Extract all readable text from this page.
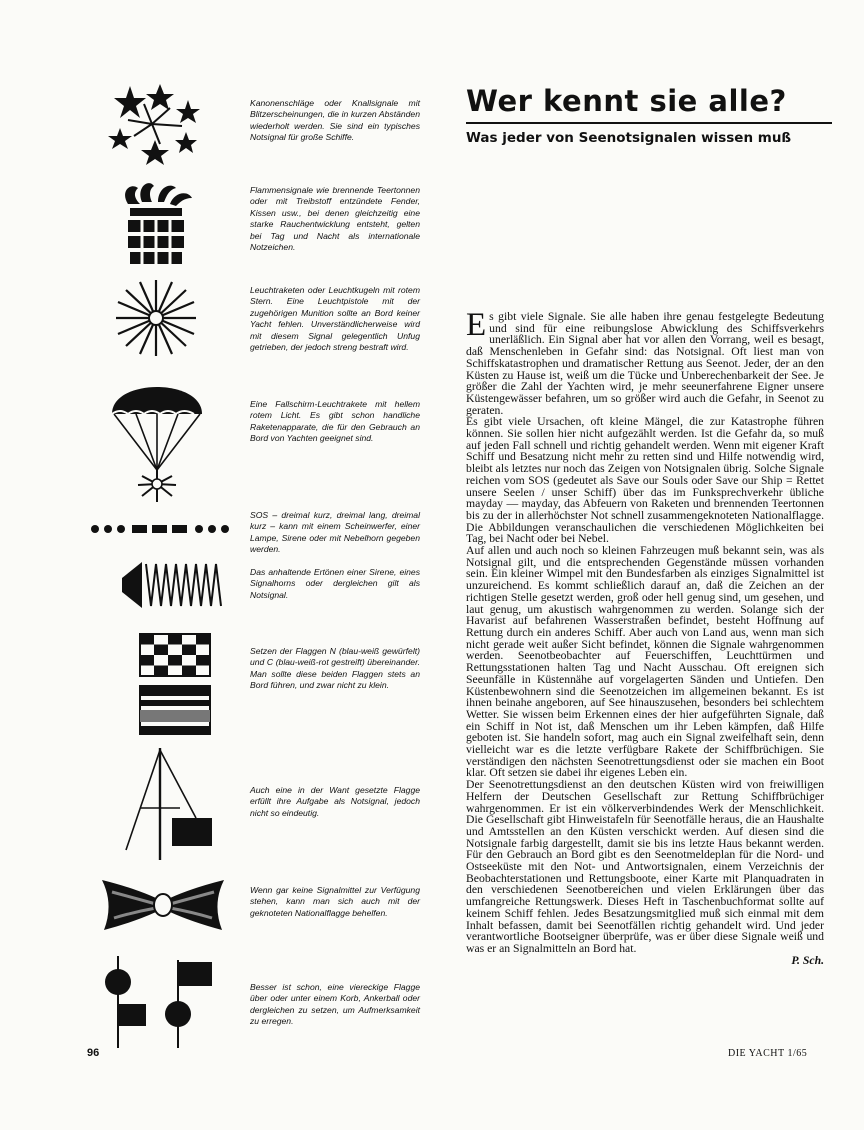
Kanonenschläge oder Knallsignale mit Blitzerscheinungen, die in kurzen Abständen wiederholt werden. Sie sind ein typisches Notsignal für große Schiffe.

Flammensignale wie brennende Teertonnen oder mit Treibstoff entzündete Fender, Kissen usw., bei denen gleichzeitig eine starke Rauchentwicklung entsteht, gelten bei Tag und Nacht als internationale Notzeichen.

Leuchtraketen oder Leuchtkugeln mit rotem Stern. Eine Leuchtpistole mit der zugehörigen Munition sollte an Bord keiner Yacht fehlen. Unverständlicherweise wird mit diesem Signal gelegentlich Unfug getrieben, der jedoch streng bestraft wird.

Eine Fallschirm-Leuchtrakete mit hellem rotem Licht. Es gibt schon handliche Raketenapparate, die für den Gebrauch an Bord von Yachten geeignet sind.

SOS – dreimal kurz, dreimal lang, dreimal kurz – kann mit einem Scheinwerfer, einer Lampe, Sirene oder mit Nebelhorn gegeben werden.

Das anhaltende Ertönen einer Sirene, eines Signalhorns oder dergleichen gilt als Notsignal.

Setzen der Flaggen N (blau-weiß gewürfelt) und C (blau-weiß-rot gestreift) übereinander. Man sollte diese beiden Flaggen stets an Bord führen, und zwar nicht zu klein.

Auch eine in der Want gesetzte Flagge erfüllt ihre Aufgabe als Notsignal, jedoch nicht so eindeutig.

Wenn gar keine Signalmittel zur Verfügung stehen, kann man sich auch mit der geknoteten Nationalflagge behelfen.

Besser ist schon, eine viereckige Flagge über oder unter einem Korb, Ankerball oder dergleichen zu setzen, um Aufmerksamkeit zu erregen.

Wer kennt sie alle?
Was jeder von Seenotsignalen wissen muß

Es gibt viele Signale. Sie alle haben ihre genau festgelegte Bedeutung und sind für eine reibungslose Abwicklung des Schiffsverkehrs unerläßlich. Ein Signal aber hat vor allen den Vorrang, weil es besagt, daß Menschenleben in Gefahr sind: das Notsignal. Oft liest man von Schiffskatastrophen und dramatischer Rettung aus Seenot. Jeder, der an den Küsten zu Hause ist, weiß um die Tücke und Unberechenbarkeit der See. Je größer die Zahl der Yachten wird, je mehr seeunerfahrene Eigner unsere Küstengewässer befahren, um so größer wird auch die Gefahr, in Seenot zu geraten.

Es gibt viele Ursachen, oft kleine Mängel, die zur Katastrophe führen können. Sie sollen hier nicht aufgezählt werden. Ist die Gefahr da, so muß auf jeden Fall schnell und richtig gehandelt werden. Wenn mit eigener Kraft Schiff und Besatzung nicht mehr zu retten sind und Hilfe notwendig wird, bleibt als letztes nur noch das Zeigen von Notsignalen übrig. Solche Signale reichen vom SOS (gedeutet als Save our Souls oder Save our Ship = Rettet unsere Seelen / unser Schiff) über das im Funksprechverkehr übliche mayday — mayday, das Abfeuern von Raketen und brennenden Teertonnen bis zu der in allerhöchster Not schnell zusammengeknoteten Nationalflagge. Die Abbildungen veranschaulichen die verschiedenen Möglichkeiten bei Tag, bei Nacht oder bei Nebel.

Auf allen und auch noch so kleinen Fahrzeugen muß bekannt sein, was als Notsignal gilt, und die entsprechenden Gegenstände müssen vorhanden sein. Ein kleiner Wimpel mit den Bundesfarben als einziges Signalmittel ist unzureichend. Es kommt schließlich darauf an, daß die Zeichen an der richtigen Stelle gesetzt werden, groß oder hell genug sind, um gesehen, und laut genug, um akustisch wahrgenommen zu werden. Solange sich der Havarist auf befahrenen Wasserstraßen befindet, besteht Hoffnung auf Rettung durch ein anderes Schiff. Aber auch von Land aus, wenn man sich nicht gerade weit außer Sicht befindet, können die Signale wahrgenommen werden. Seenotbeobachter auf Feuerschiffen, Leuchttürmen und Rettungsstationen halten Tag und Nacht Ausschau. Oft ereignen sich Seeunfälle in Küstennähe auf vorgelagerten Sänden und Untiefen. Den Küstenbewohnern sind die Seenotzeichen im allgemeinen bekannt. Es ist ihnen beinahe angeboren, auf See hinauszusehen, besonders bei schlechtem Wetter. Sie wissen beim Erkennen eines der hier aufgeführten Signale, daß ein Schiff in Not ist, daß Menschen um ihr Leben kämpfen, daß Hilfe geboten ist. Sie handeln sofort, mag auch ein Signal zweifelhaft sein, denn vielleicht war es die letzte verfügbare Rakete der Schiffbrüchigen. Sie verständigen den nächsten Seenotrettungsdienst oder sie machen ein Boot klar. Oft setzen sie dabei ihr eigenes Leben ein.

Der Seenotrettungsdienst an den deutschen Küsten wird von freiwilligen Helfern der Deutschen Gesellschaft zur Rettung Schiffbrüchiger wahrgenommen. Er ist ein völkerverbindendes Werk der Menschlichkeit. Die Gesellschaft gibt Hinweistafeln für Seenotfälle heraus, die an Haushalte und Amtsstellen an den Küsten verschickt werden. Auf diesen sind die Notsignale farbig dargestellt, damit sie bis ins letzte Haus bekannt werden. Für den Gebrauch an Bord gibt es den Seenotmeldeplan für die Nord- und Ostseeküste mit den Not- und Antwortsignalen, einem Verzeichnis der Beobachterstationen und Rettungsboote, einer Karte mit Planquadraten in den verschiedenen Seenotbereichen und vielen Erklärungen über das umfangreiche Rettungswerk. Dieses Heft in Taschenbuchformat sollte auf keinem Schiff fehlen. Jedes Besatzungsmitglied muß sich einmal mit dem Inhalt befassen, damit bei Seenotfällen richtig gehandelt wird. Und jeder verantwortliche Bootseigner überprüfe, was er über diese Signale weiß und was er an Signalmitteln an Bord hat.

P. Sch.

96	DIE YACHT 1/65
